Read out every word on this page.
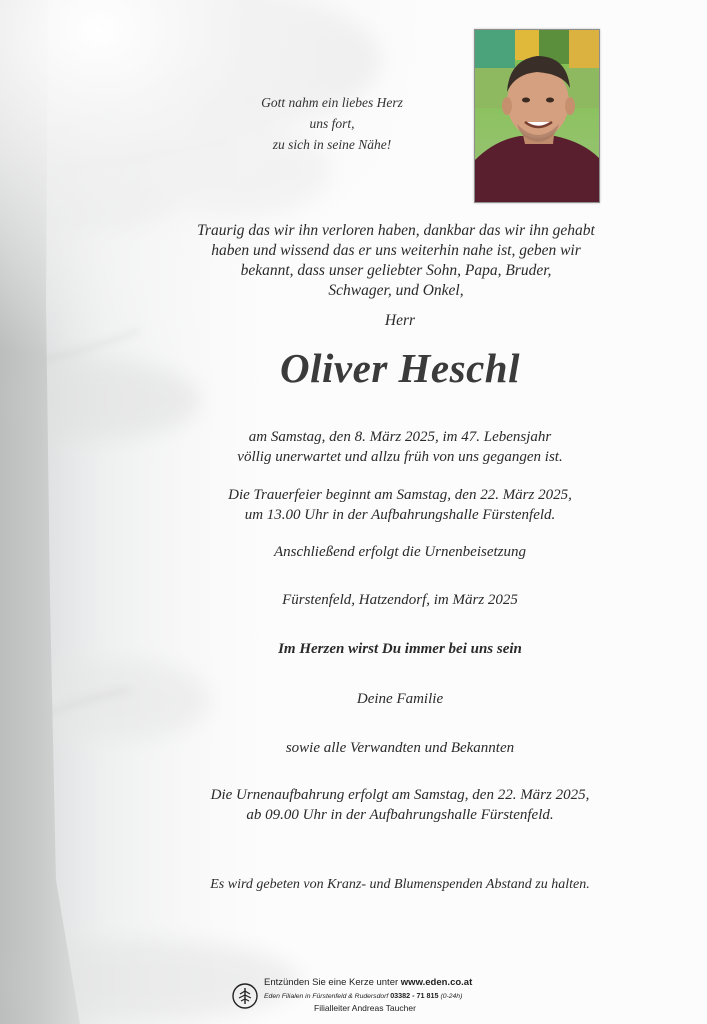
Gott nahm ein liebes Herz
uns fort,
zu sich in seine Nähe!
Traurig das wir ihn verloren haben, dankbar das wir ihn gehabt
haben und wissend das er uns weiterhin nahe ist, geben wir
bekannt, dass unser geliebter Sohn, Papa, Bruder,
Schwager, und Onkel,
Herr
Oliver Heschl
am Samstag, den 8. März 2025, im 47. Lebensjahr
völlig unerwartet und allzu früh von uns gegangen ist.
Die Trauerfeier beginnt am Samstag, den 22. März 2025,
um 13.00 Uhr in der Aufbahrungshalle Fürstenfeld.
Anschließend erfolgt die Urnenbeisetzung
Fürstenfeld, Hatzendorf, im März 2025
Im Herzen wirst Du immer bei uns sein
Deine Familie
sowie alle Verwandten und Bekannten
Die Urnenaufbahrung erfolgt am Samstag, den 22. März 2025,
ab 09.00 Uhr in der Aufbahrungshalle Fürstenfeld.
Es wird gebeten von Kranz- und Blumenspenden Abstand zu halten.
Entzünden Sie eine Kerze unter www.eden.co.at
Eden Filialen in Fürstenfeld & Rudersdorf 03382 - 71 815 (0-24h)
Filialleiter Andreas Taucher
